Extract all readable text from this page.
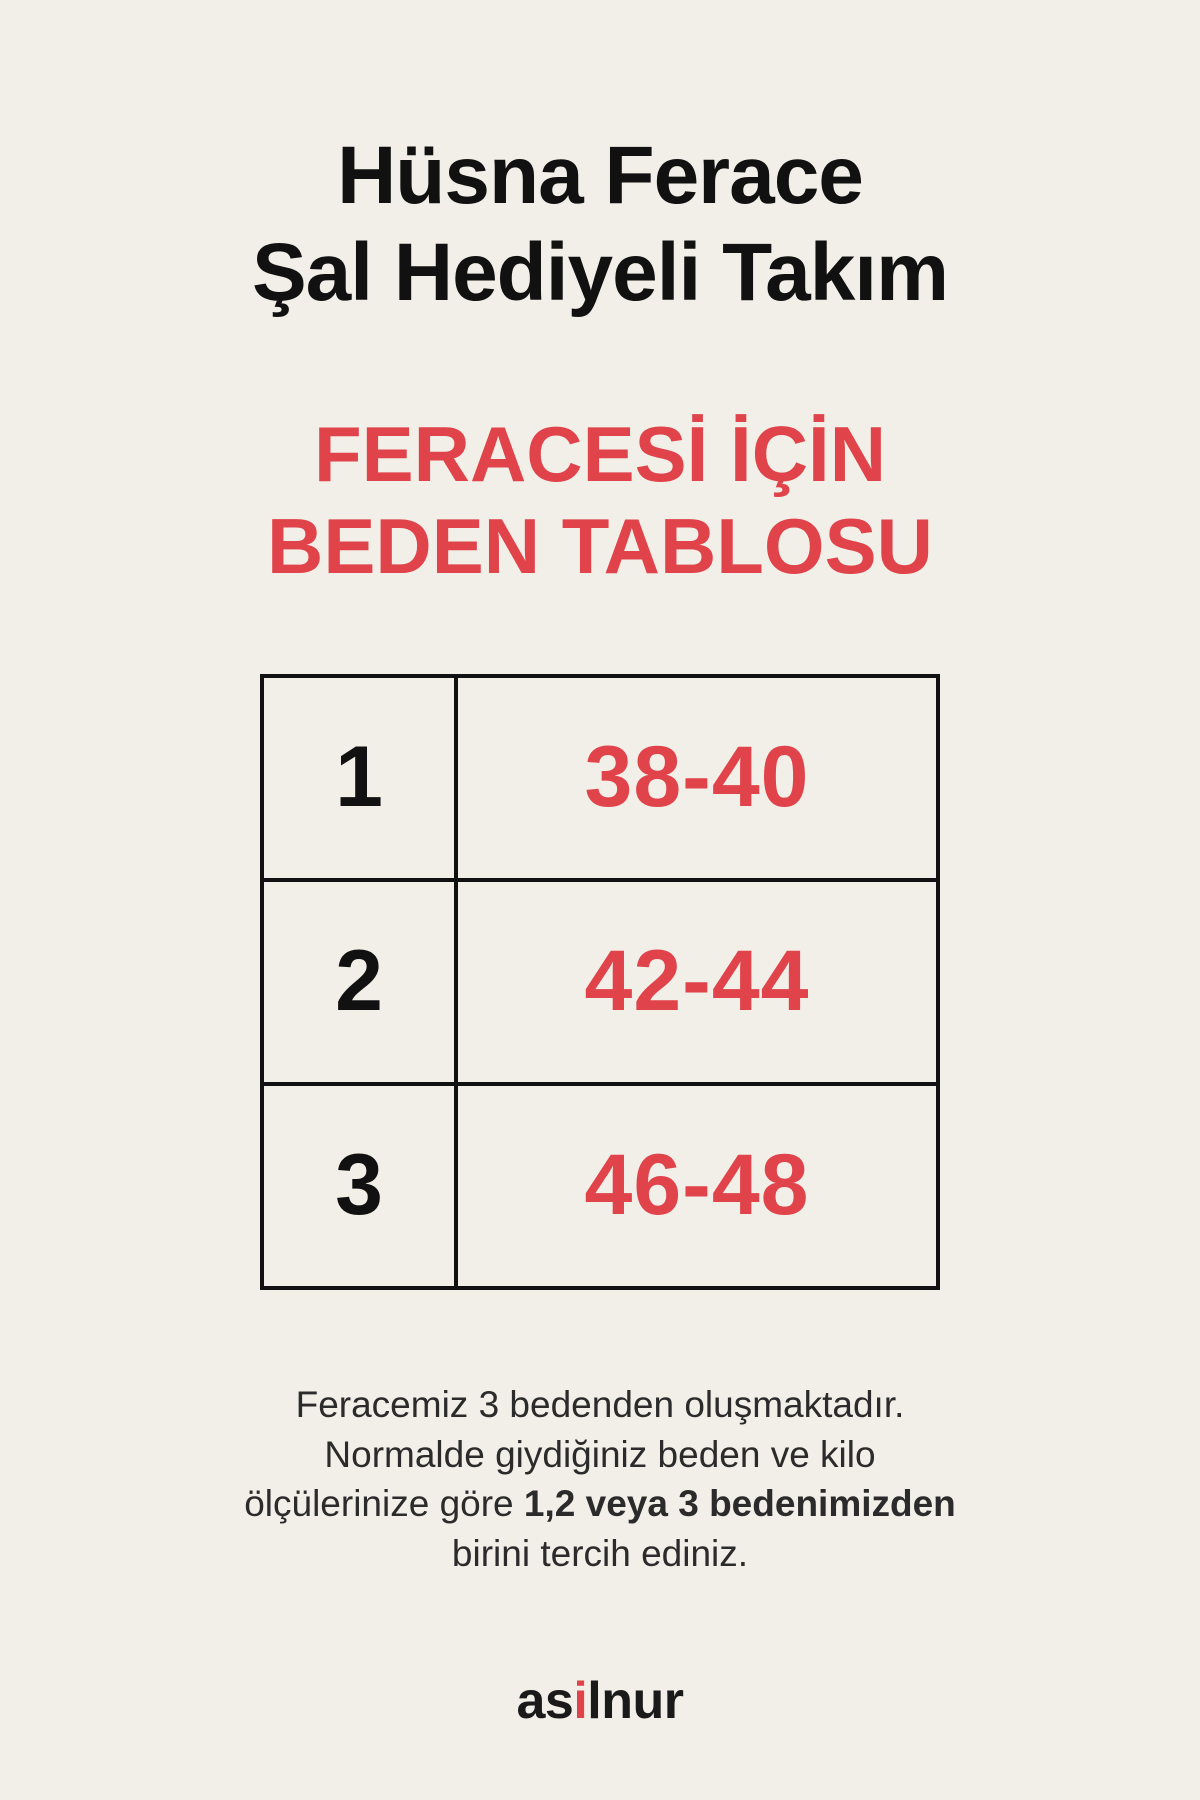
Hüsna Ferace
Şal Hediyeli Takım
FERACESİ İÇİN
BEDEN TABLOSU
1	38-40
2	42-44
3	46-48
Feracemiz 3 bedenden oluşmaktadır.
Normalde giydiğiniz beden ve kilo
ölçülerinize göre 1,2 veya 3 bedenimizden
birini tercih ediniz.
asilnur
